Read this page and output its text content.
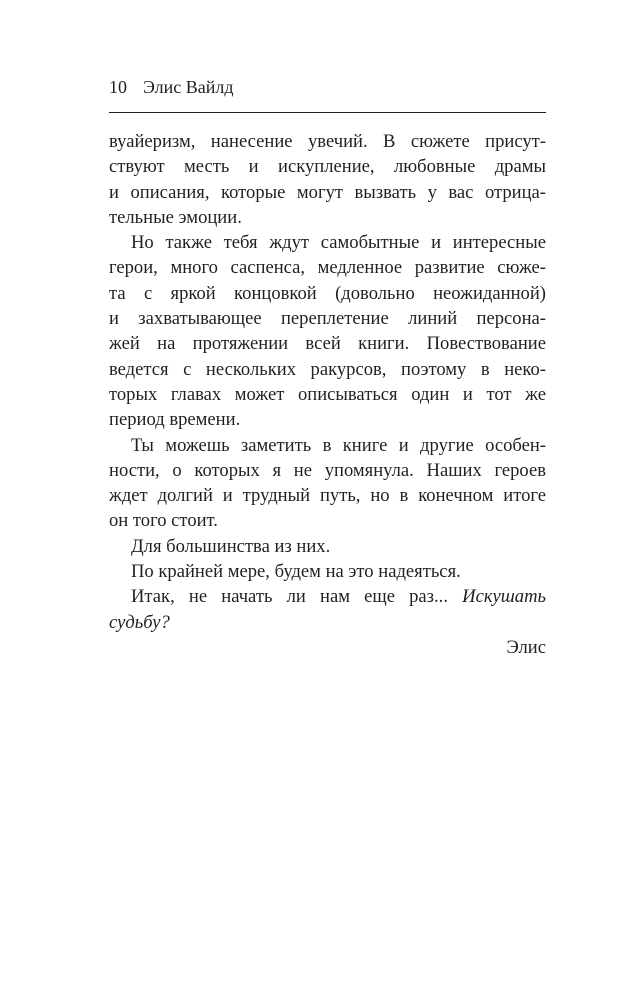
10 Элис Вайлд

вуайеризм, нанесение увечий. В сюжете присут-
ствуют месть и искупление, любовные драмы
и описания, которые могут вызвать у вас отрица-
тельные эмоции.

Но также тебя ждут самобытные и интересные
герои, много саспенса, медленное развитие сюже-
та с яркой концовкой (довольно неожиданной)
и захватывающее переплетение линий персона-
жей на протяжении всей книги. Повествование
ведется с нескольких ракурсов, поэтому в неко-
торых главах может описываться один и тот же
период времени.

Ты можешь заметить в книге и другие особен-
ности, о которых я не упомянула. Наших героев
ждет долгий и трудный путь, но в конечном итоге
он того стоит.

Для большинства из них.

По крайней мере, будем на это надеяться.

Итак, не начать ли нам еще раз... Искушать
судьбу?

Элис
